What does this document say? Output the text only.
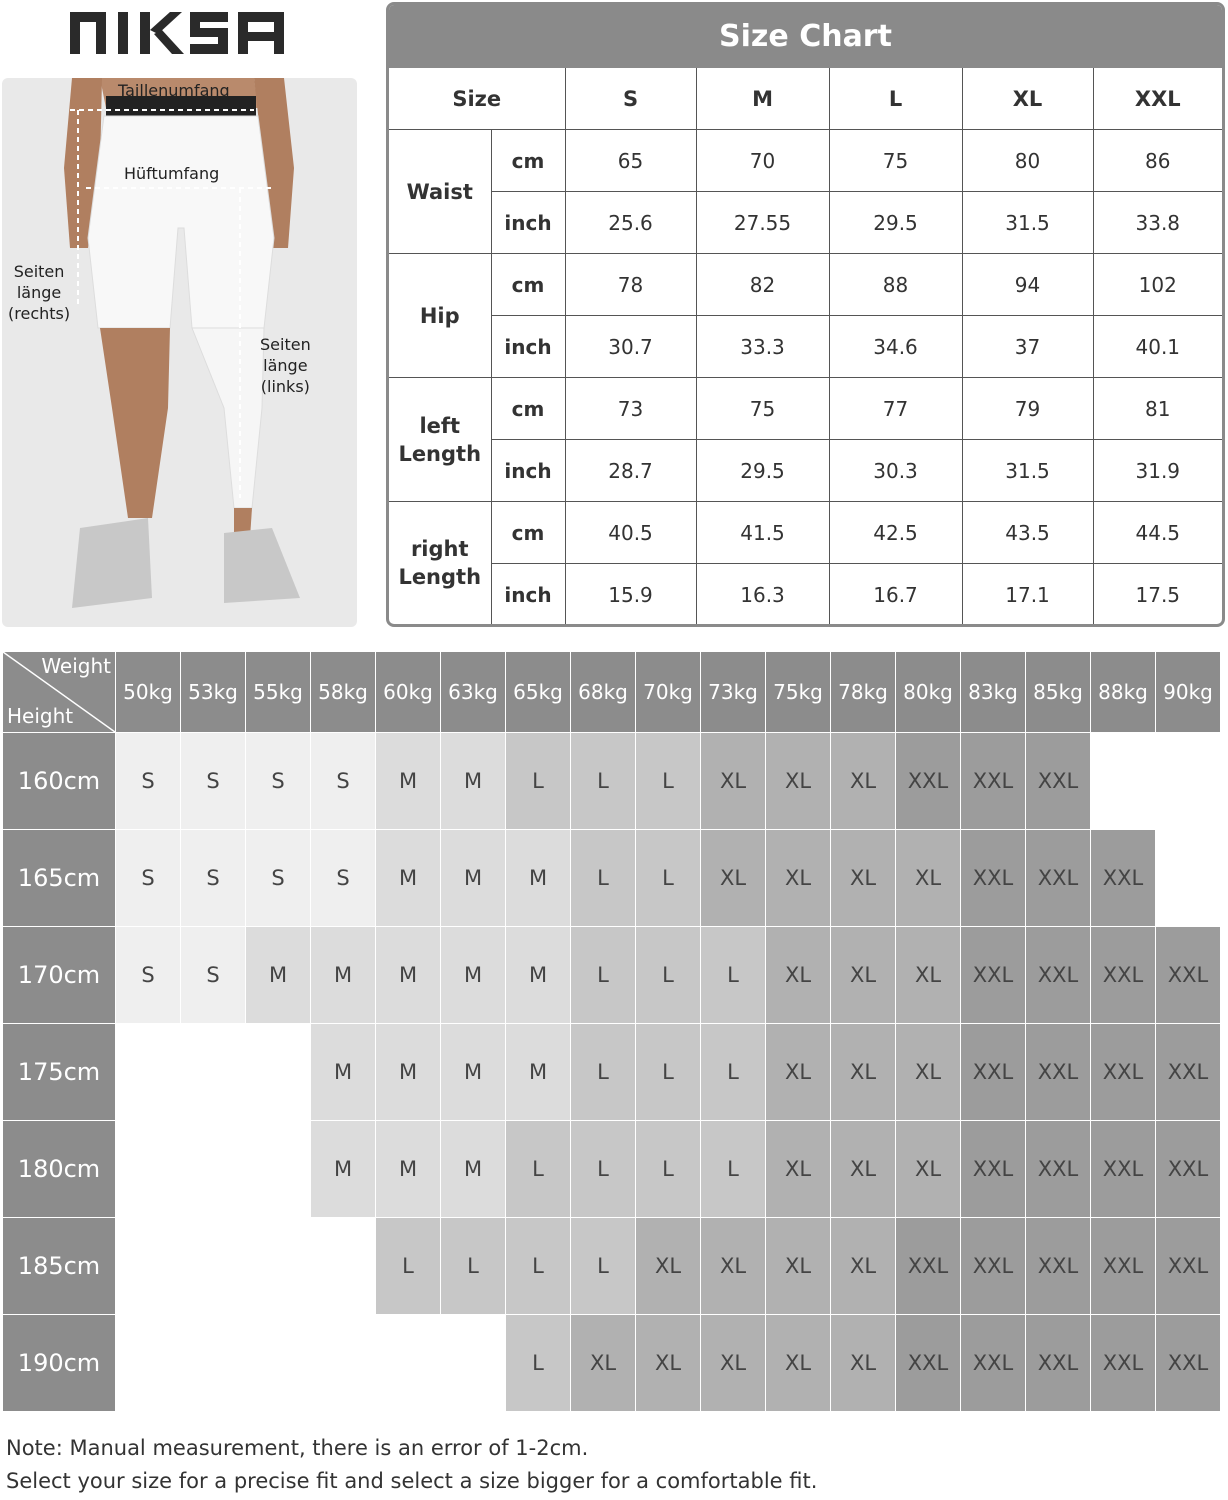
Taillenumfang
Hüftumfang
Seiten
länge
(rechts)
Seiten
länge
(links)
Size Chart
Size		S	M	L	XL	XXL
Waist	cm	65	70	75	80	86
	inch	25.6	27.55	29.5	31.5	33.8
Hip	cm	78	82	88	94	102
	inch	30.7	33.3	34.6	37	40.1
left
Length	cm	73	75	77	79	81
	inch	28.7	29.5	30.3	31.5	31.9
right
Length	cm	40.5	41.5	42.5	43.5	44.5
	inch	15.9	16.3	16.7	17.1	17.5
Weight
Height	50kg	53kg	55kg	58kg	60kg	63kg	65kg	68kg	70kg	73kg	75kg	78kg	80kg	83kg	85kg	88kg	90kg
160cm	S	S	S	S	M	M	L	L	L	XL	XL	XL	XXL	XXL	XXL		
165cm	S	S	S	S	M	M	M	L	L	XL	XL	XL	XL	XXL	XXL	XXL	
170cm	S	S	M	M	M	M	M	L	L	L	XL	XL	XL	XXL	XXL	XXL	XXL
175cm				M	M	M	M	L	L	L	XL	XL	XL	XXL	XXL	XXL	XXL
180cm				M	M	M	L	L	L	L	XL	XL	XL	XXL	XXL	XXL	XXL
185cm					L	L	L	L	XL	XL	XL	XL	XXL	XXL	XXL	XXL	XXL
190cm							L	XL	XL	XL	XL	XL	XXL	XXL	XXL	XXL	XXL
Note: Manual measurement, there is an error of 1-2cm.
Select your size for a precise fit and select a size bigger for a comfortable fit.
